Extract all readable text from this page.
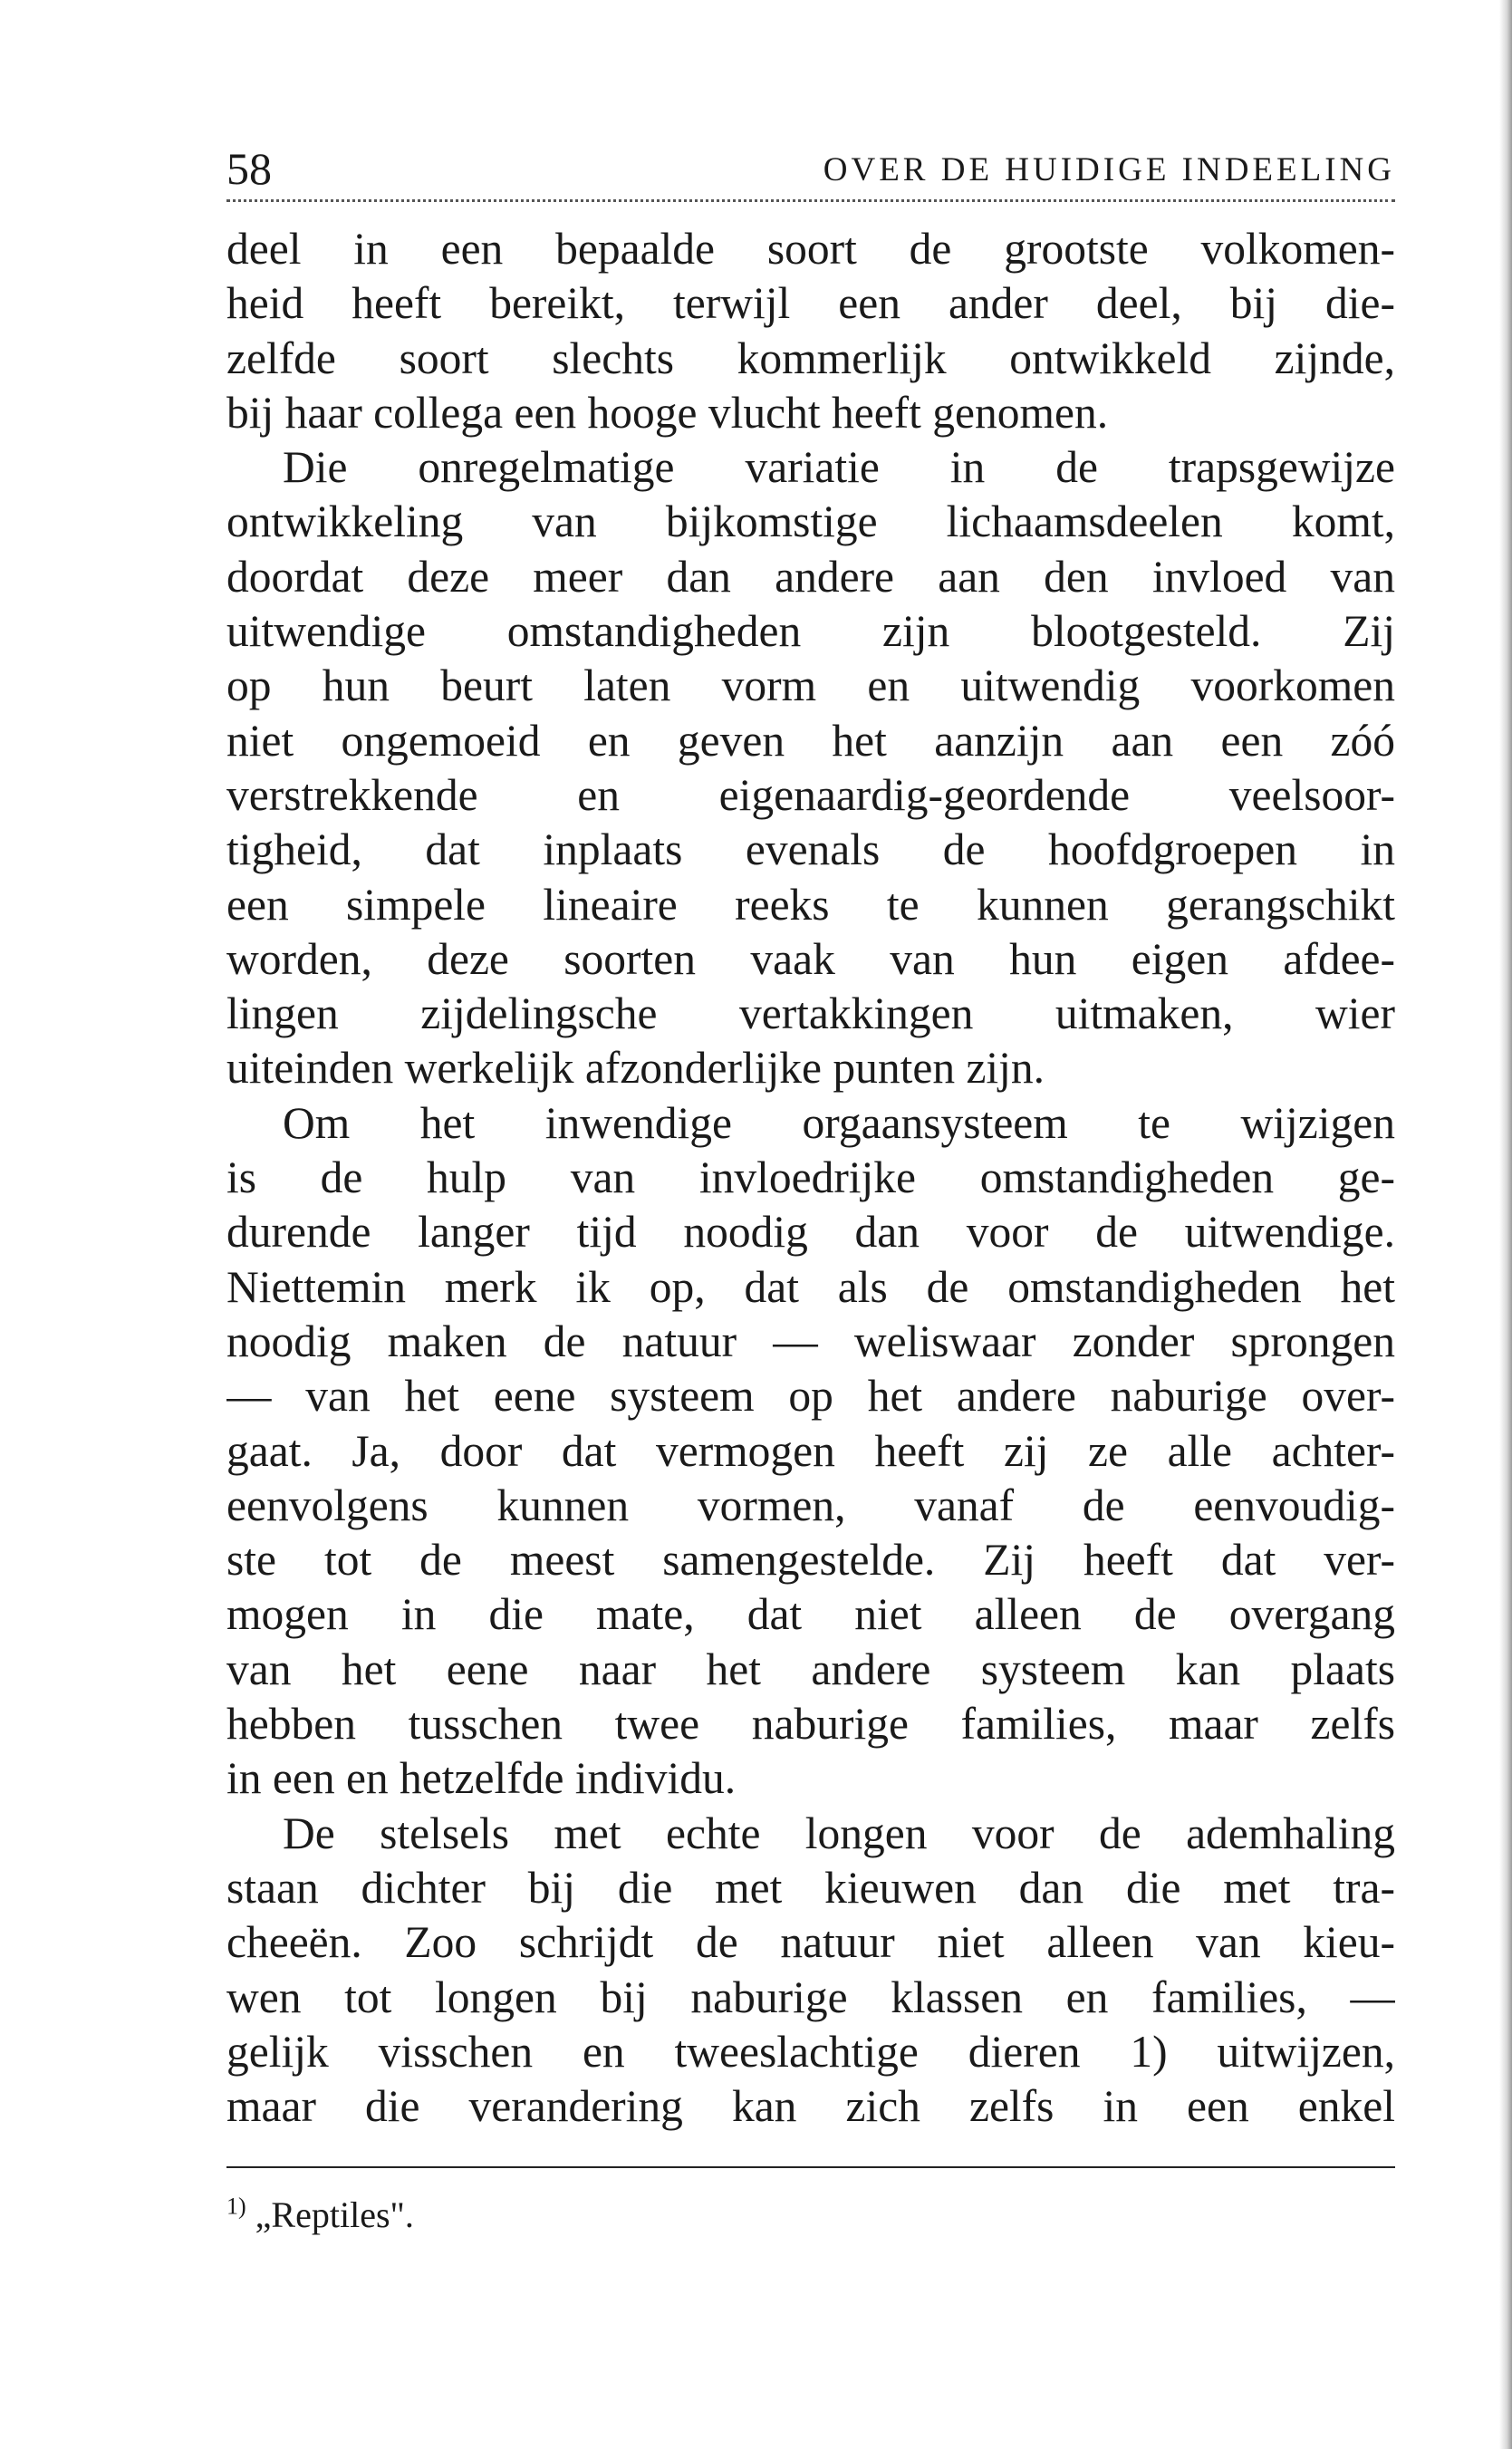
58	OVER DE HUIDIGE INDEELING
deel in een bepaalde soort de grootste volkomen-
heid heeft bereikt, terwijl een ander deel, bij die-
zelfde soort slechts kommerlijk ontwikkeld zijnde,
bij haar collega een hooge vlucht heeft genomen.
Die onregelmatige variatie in de trapsgewijze
ontwikkeling van bijkomstige lichaamsdeelen komt,
doordat deze meer dan andere aan den invloed van
uitwendige omstandigheden zijn blootgesteld. Zij
op hun beurt laten vorm en uitwendig voorkomen
niet ongemoeid en geven het aanzijn aan een zóó
verstrekkende en eigenaardig-geordende veelsoor-
tigheid, dat inplaats evenals de hoofdgroepen in
een simpele lineaire reeks te kunnen gerangschikt
worden, deze soorten vaak van hun eigen afdee-
lingen zijdelingsche vertakkingen uitmaken, wier
uiteinden werkelijk afzonderlijke punten zijn.
Om het inwendige orgaansysteem te wijzigen
is de hulp van invloedrijke omstandigheden ge-
durende langer tijd noodig dan voor de uitwendige.
Niettemin merk ik op, dat als de omstandigheden het
noodig maken de natuur — weliswaar zonder sprongen
— van het eene systeem op het andere naburige over-
gaat. Ja, door dat vermogen heeft zij ze alle achter-
eenvolgens kunnen vormen, vanaf de eenvoudig-
ste tot de meest samengestelde. Zij heeft dat ver-
mogen in die mate, dat niet alleen de overgang
van het eene naar het andere systeem kan plaats
hebben tusschen twee naburige families, maar zelfs
in een en hetzelfde individu.
De stelsels met echte longen voor de ademhaling
staan dichter bij die met kieuwen dan die met tra-
cheeën. Zoo schrijdt de natuur niet alleen van kieu-
wen tot longen bij naburige klassen en families, —
gelijk visschen en tweeslachtige dieren 1) uitwijzen,
maar die verandering kan zich zelfs in een enkel
$^{1)}$ „Reptiles".
